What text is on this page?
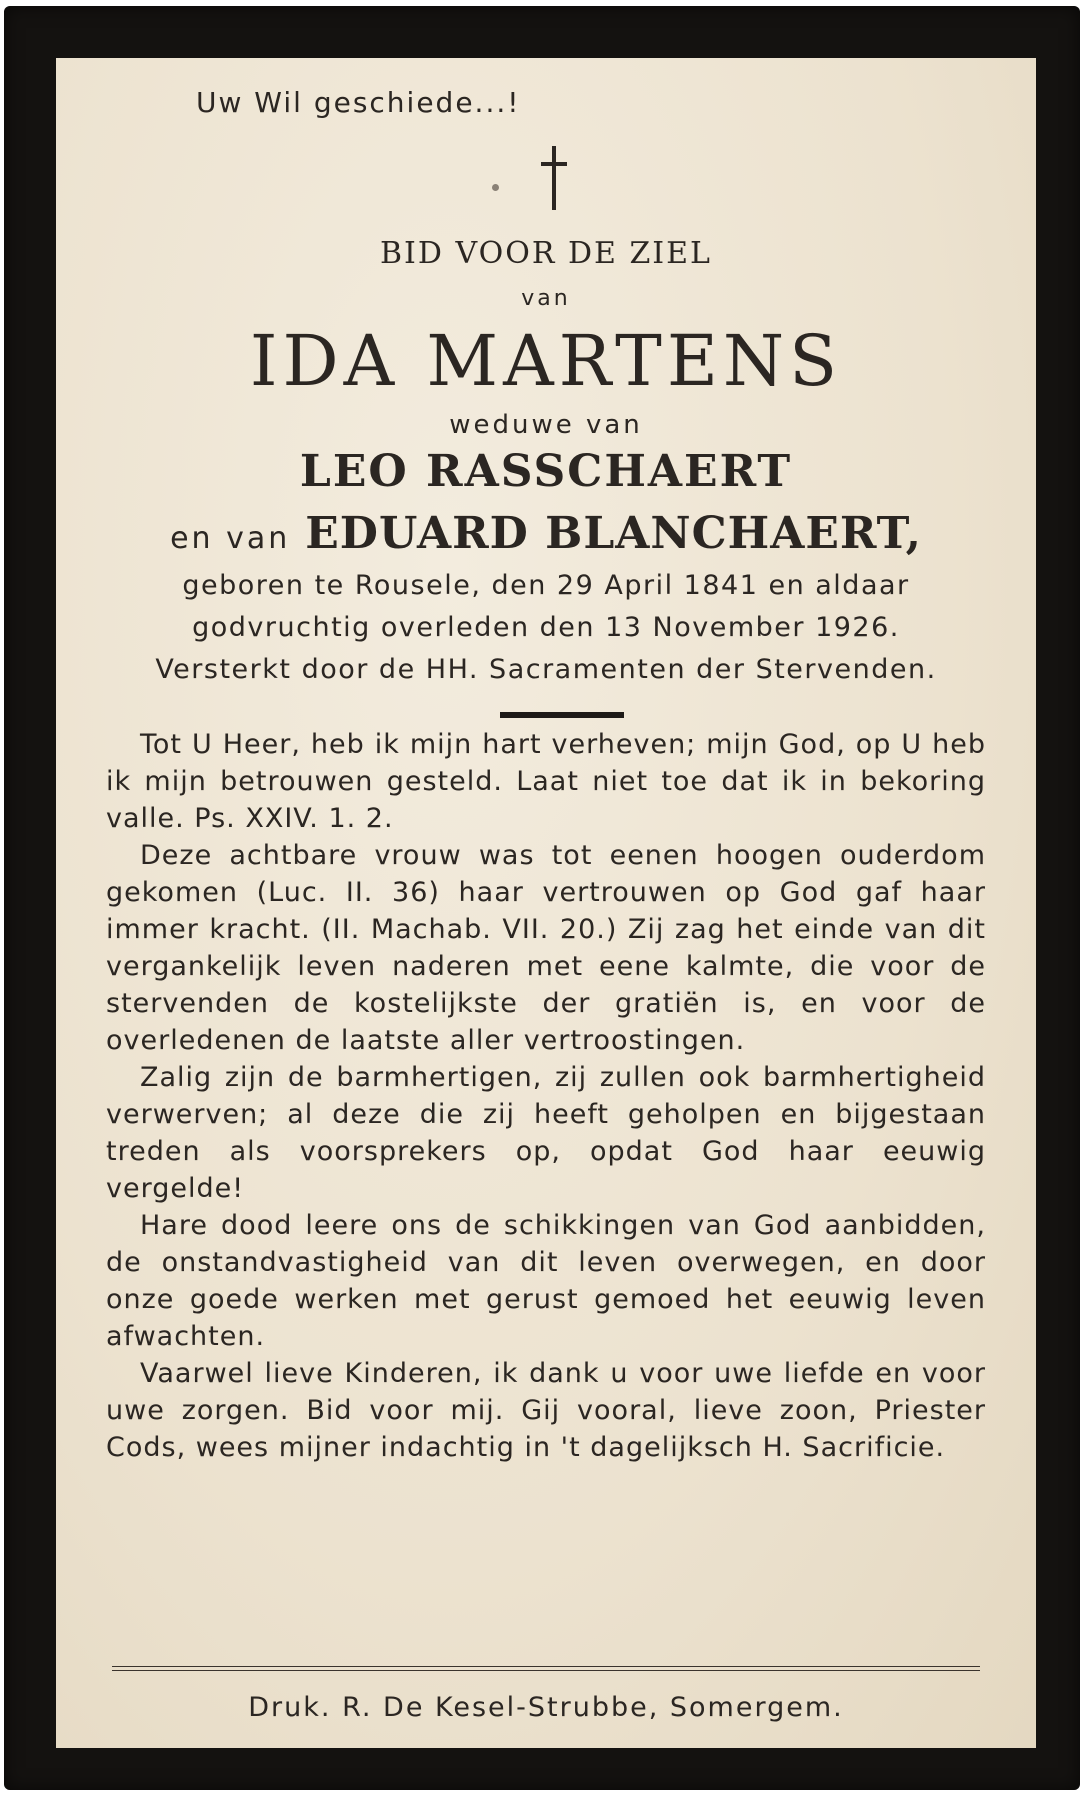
Uw Wil geschiede...!
BID VOOR DE ZIEL
van
IDA MARTENS
weduwe van
LEO RASSCHAERT
en van EDUARD BLANCHAERT,
geboren te Rousele, den 29 April 1841 en aldaar
godvruchtig overleden den 13 November 1926.
Versterkt door de HH. Sacramenten der Stervenden.

Tot U Heer, heb ik mijn hart verheven; mijn God, op U heb ik mijn betrouwen gesteld. Laat niet toe dat ik in bekoring valle. Ps. XXIV. 1. 2.

Deze achtbare vrouw was tot eenen hoogen ouderdom gekomen (Luc. II. 36) haar vertrouwen op God gaf haar immer kracht. (II. Machab. VII. 20.) Zij zag het einde van dit vergankelijk leven naderen met eene kalmte, die voor de stervenden de kostelijkste der gratiën is, en voor de overledenen de laatste aller vertroostingen.

Zalig zijn de barmhertigen, zij zullen ook barmhertigheid verwerven; al deze die zij heeft geholpen en bijgestaan treden als voorsprekers op, opdat God haar eeuwig vergelde!

Hare dood leere ons de schikkingen van God aanbidden, de onstandvastigheid van dit leven overwegen, en door onze goede werken met gerust gemoed het eeuwig leven afwachten.

Vaarwel lieve Kinderen, ik dank u voor uwe liefde en voor uwe zorgen. Bid voor mij. Gij vooral, lieve zoon, Priester Cods, wees mijner indachtig in 't dagelijksch H. Sacrificie.

Druk. R. De Kesel-Strubbe, Somergem.
